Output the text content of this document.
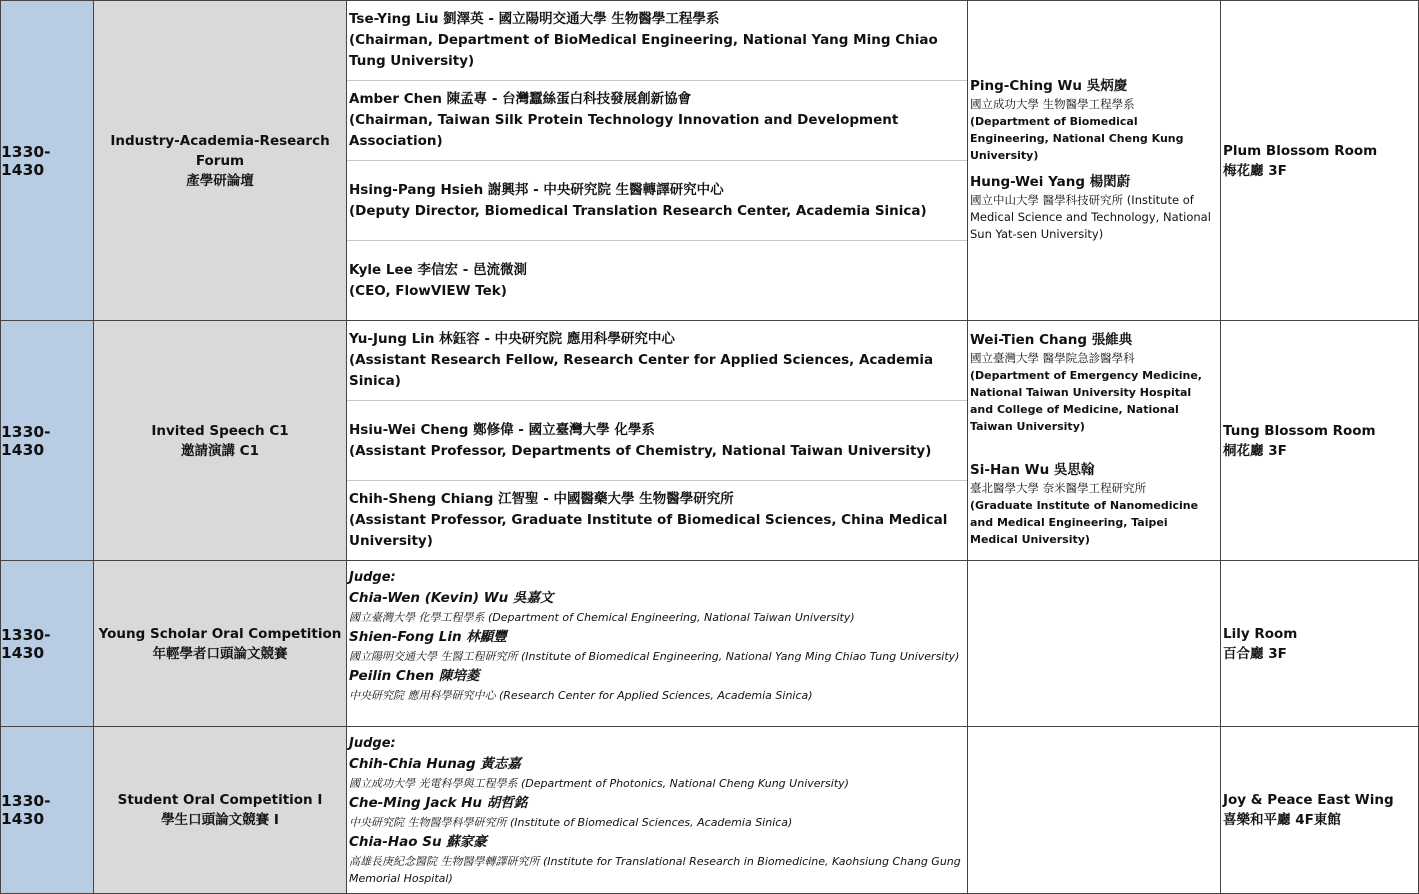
1330-1430
Industry-Academia-Research Forum
產學研論壇
Tse-Ying Liu 劉澤英 - 國立陽明交通大學 生物醫學工程學系
(Chairman, Department of BioMedical Engineering, National Yang Ming Chiao Tung University)
Amber Chen 陳孟專 - 台灣蠶絲蛋白科技發展創新協會
(Chairman, Taiwan Silk Protein Technology Innovation and Development Association)
Hsing-Pang Hsieh 謝興邦 - 中央研究院 生醫轉譯研究中心
(Deputy Director, Biomedical Translation Research Center, Academia Sinica)
Kyle Lee 李信宏 - 邑流微測
(CEO, FlowVIEW Tek)
Ping-Ching Wu 吳炳慶
國立成功大學 生物醫學工程學系
(Department of Biomedical Engineering, National Cheng Kung University)
Hung-Wei Yang 楊閎蔚
國立中山大學 醫學科技研究所 (Institute of Medical Science and Technology, National Sun Yat-sen University)
Plum Blossom Room
梅花廳 3F
1330-1430
Invited Speech C1
邀請演講 C1
Yu-Jung Lin 林鈺容 - 中央研究院 應用科學研究中心
(Assistant Research Fellow, Research Center for Applied Sciences, Academia Sinica)
Hsiu-Wei Cheng 鄭修偉 - 國立臺灣大學 化學系
(Assistant Professor, Departments of Chemistry, National Taiwan University)
Chih-Sheng Chiang 江智聖 - 中國醫藥大學 生物醫學研究所
(Assistant Professor, Graduate Institute of Biomedical Sciences, China Medical University)
Wei-Tien Chang 張維典
國立臺灣大學 醫學院急診醫學科
(Department of Emergency Medicine, National Taiwan University Hospital and College of Medicine, National Taiwan University)
Si-Han Wu 吳思翰
臺北醫學大學 奈米醫學工程研究所
(Graduate Institute of Nanomedicine and Medical Engineering, Taipei Medical University)
Tung Blossom Room
桐花廳 3F
1330-1430
Young Scholar Oral Competition
年輕學者口頭論文競賽
Judge:
Chia-Wen (Kevin) Wu 吳嘉文
國立臺灣大學 化學工程學系 (Department of Chemical Engineering, National Taiwan University)
Shien-Fong Lin 林顯豐
國立陽明交通大學 生醫工程研究所 (Institute of Biomedical Engineering, National Yang Ming Chiao Tung University)
Peilin Chen 陳培菱
中央研究院 應用科學研究中心 (Research Center for Applied Sciences, Academia Sinica)
Lily Room
百合廳 3F
1330-1430
Student Oral Competition I
學生口頭論文競賽 I
Judge:
Chih-Chia Hunag 黃志嘉
國立成功大學 光電科學與工程學系 (Department of Photonics, National Cheng Kung University)
Che-Ming Jack Hu 胡哲銘
中央研究院 生物醫學科學研究所 (Institute of Biomedical Sciences, Academia Sinica)
Chia-Hao Su 蘇家豪
高雄長庚紀念醫院 生物醫學轉譯研究所 (Institute for Translational Research in Biomedicine, Kaohsiung Chang Gung Memorial Hospital)
Joy & Peace East Wing
喜樂和平廳 4F東館
